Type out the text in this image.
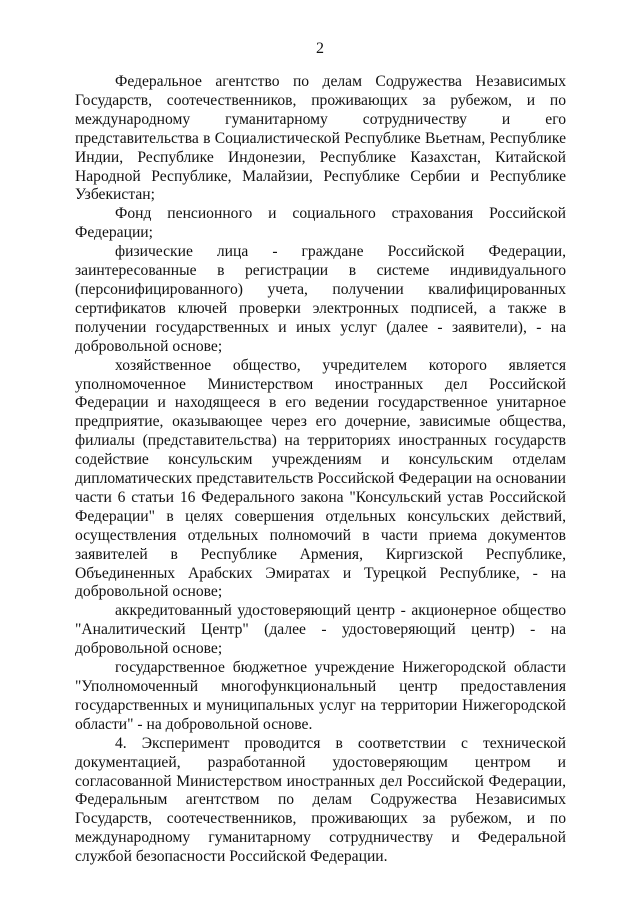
2

Федеральное агентство по делам Содружества Независимых Государств, соотечественников, проживающих за рубежом, и по международному гуманитарному сотрудничеству и его представительства в Социалистической Республике Вьетнам, Республике Индии, Республике Индонезии, Республике Казахстан, Китайской Народной Республике, Малайзии, Республике Сербии и Республике Узбекистан;

Фонд пенсионного и социального страхования Российской Федерации;

физические лица - граждане Российской Федерации, заинтересованные в регистрации в системе индивидуального (персонифицированного) учета, получении квалифицированных сертификатов ключей проверки электронных подписей, а также в получении государственных и иных услуг (далее - заявители), - на добровольной основе;

хозяйственное общество, учредителем которого является уполномоченное Министерством иностранных дел Российской Федерации и находящееся в его ведении государственное унитарное предприятие, оказывающее через его дочерние, зависимые общества, филиалы (представительства) на территориях иностранных государств содействие консульским учреждениям и консульским отделам дипломатических представительств Российской Федерации на основании части 6 статьи 16 Федерального закона "Консульский устав Российской Федерации" в целях совершения отдельных консульских действий, осуществления отдельных полномочий в части приема документов заявителей в Республике Армения, Киргизской Республике, Объединенных Арабских Эмиратах и Турецкой Республике, - на добровольной основе;

аккредитованный удостоверяющий центр - акционерное общество "Аналитический Центр" (далее - удостоверяющий центр) - на добровольной основе;

государственное бюджетное учреждение Нижегородской области "Уполномоченный многофункциональный центр предоставления государственных и муниципальных услуг на территории Нижегородской области" - на добровольной основе.

4. Эксперимент проводится в соответствии с технической документацией, разработанной удостоверяющим центром и согласованной Министерством иностранных дел Российской Федерации, Федеральным агентством по делам Содружества Независимых Государств, соотечественников, проживающих за рубежом, и по международному гуманитарному сотрудничеству и Федеральной службой безопасности Российской Федерации.
